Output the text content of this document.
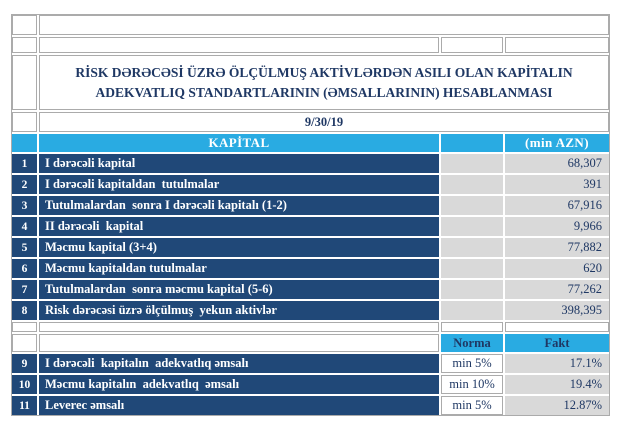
RİSK DƏRƏCƏSİ ÜZRƏ ÖLÇÜLMUŞ AKTİVLƏRDƏN ASILI OLAN KAPİTALIN
ADEKVATLIQ STANDARTLARININ (ƏMSALLARININ) HESABLANMASI
9/30/19
KAPİTAL	(min AZN)
1	I dərəcəli kapital	68,307
2	I dərəcəli kapitaldan  tutulmalar	391
3	Tutulmalardan  sonra I dərəcəli kapitalı (1-2)	67,916
4	II dərəcəli  kapital	9,966
5	Məcmu kapital (3+4)	77,882
6	Məcmu kapitaldan tutulmalar	620
7	Tutulmalardan  sonra məcmu kapital (5-6)	77,262
8	Risk dərəcəsi üzrə ölçülmuş  yekun aktivlər	398,395
Norma	Fakt
9	I dərəcəli  kapitalın  adekvatlıq əmsalı	min 5%	17.1%
10	Məcmu kapitalın  adekvatlıq  əmsalı	min 10%	19.4%
11	Leverec əmsalı	min 5%	12.87%
